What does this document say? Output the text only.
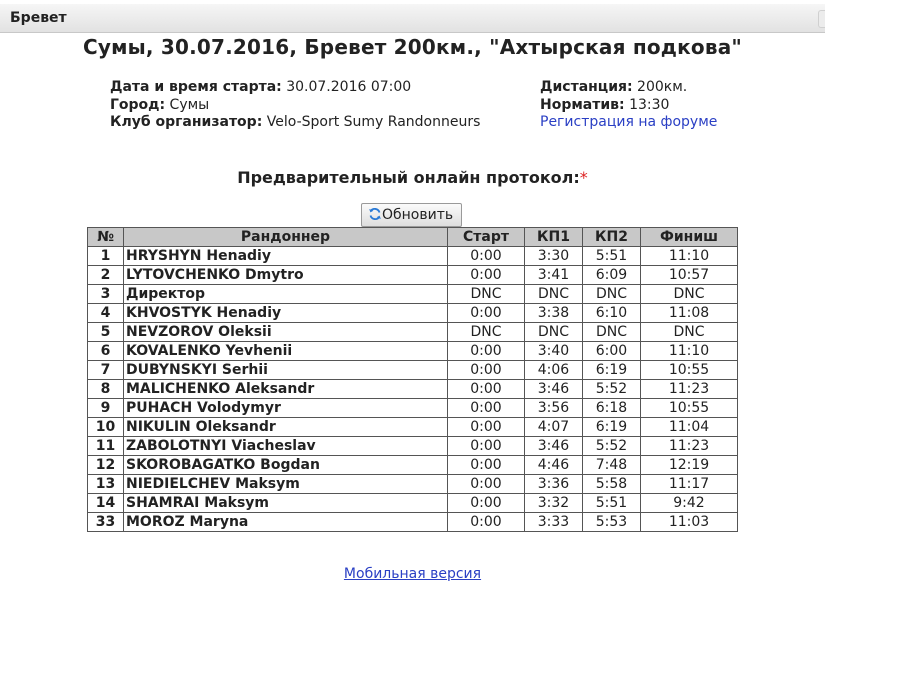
Бревет
Сумы, 30.07.2016, Бревет 200км., "Ахтырская подкова"
Дата и время старта: 30.07.2016 07:00
Город: Сумы
Клуб организатор: Velo-Sport Sumy Randonneurs
Дистанция: 200км.
Норматив: 13:30
Регистрация на форуме
Предварительный онлайн протокол:*
Обновить
№	Рандоннер	Старт	КП1	КП2	Финиш
1	HRYSHYN Henadiy	0:00	3:30	5:51	11:10
2	LYTOVCHENKO Dmytro	0:00	3:41	6:09	10:57
3	Директор	DNC	DNC	DNC	DNC
4	KHVOSTYK Henadiy	0:00	3:38	6:10	11:08
5	NEVZOROV Oleksii	DNC	DNC	DNC	DNC
6	KOVALENKO Yevhenii	0:00	3:40	6:00	11:10
7	DUBYNSKYI Serhii	0:00	4:06	6:19	10:55
8	MALICHENKO Aleksandr	0:00	3:46	5:52	11:23
9	PUHACH Volodymyr	0:00	3:56	6:18	10:55
10	NIKULIN Oleksandr	0:00	4:07	6:19	11:04
11	ZABOLOTNYI Viacheslav	0:00	3:46	5:52	11:23
12	SKOROBAGATKO Bogdan	0:00	4:46	7:48	12:19
13	NIEDIELCHEV Maksym	0:00	3:36	5:58	11:17
14	SHAMRAI Maksym	0:00	3:32	5:51	9:42
33	MOROZ Maryna	0:00	3:33	5:53	11:03
Мобильная версия
